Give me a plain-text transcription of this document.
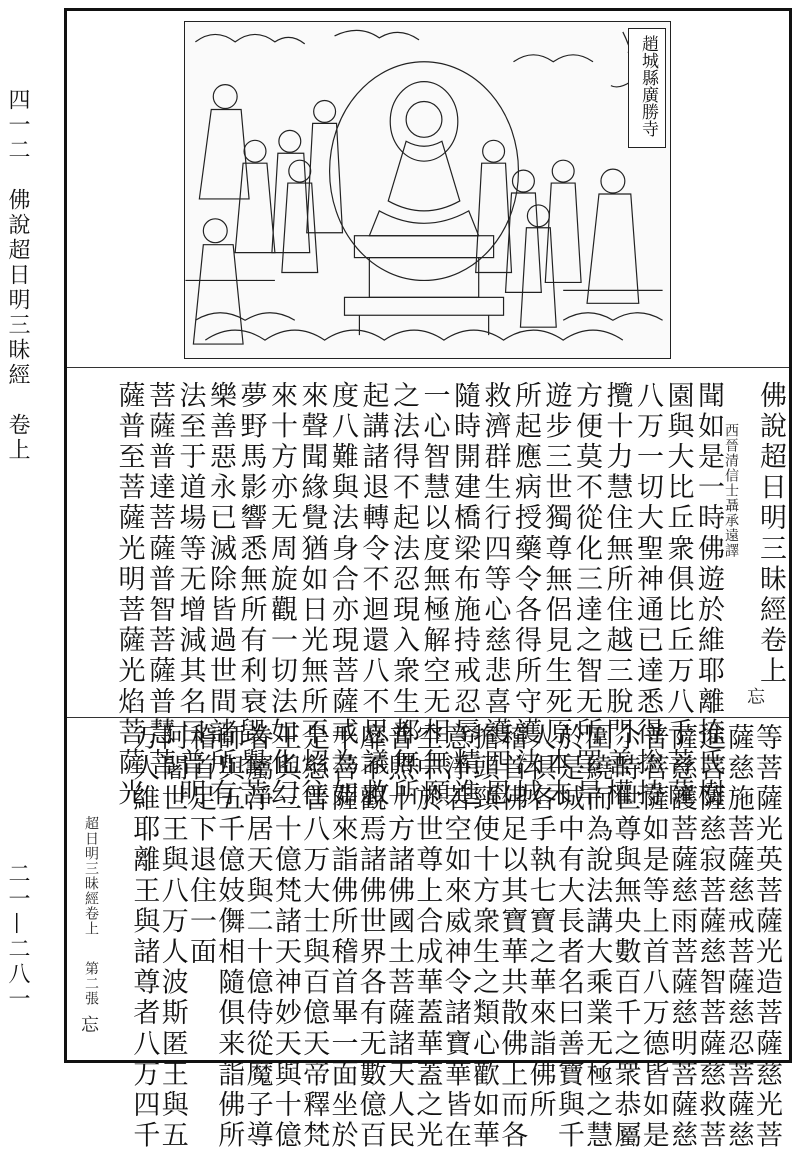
四一二　佛說超日明三昧經　卷上
二一—二八一
趙城縣廣勝寺
佛說超日明三昧經卷上
西晉清信士聶承遠譯
聞如是一時佛遊於維耶離捺氏樹
園與大比丘衆俱比丘万八千菩薩
八万一切大聖神通已達悉得捴持
攬十力慧住無所住越三脫門善權
方便莫不從化三達之智无所罣旱
遊步三世獨尊無侶見生死原本末
所起應病授藥令各得所守護法城
救濟群生行四等心慈悲喜護四恩
隨時開建橋梁布施持戒忍辱精進
一心智慧以度無極解空无相無願
之法得不起法忍現入衆生都無所
起講諸退轉令不迴還八不思議救
度八難與法身合亦現菩薩戒為如
來聲聞緣覺猶如日光無所不炤往
來十方亦无周旋觀一切法如化幻
夢野馬影響悉無所有利衰毀譽苦
樂善惡永已滅除皆過世間諸所有
法至于道場等无增減其名曰普明
菩薩普達菩薩普智菩薩普慧菩
薩普至菩薩光明菩薩光焰菩薩光	忘
等菩薩光英菩薩光造菩薩慈光菩
薩慈施菩薩慈戒菩薩慈忍菩薩慈
進菩薩慈寂菩薩慈智菩薩慈救菩
薩慈護菩薩慈雨菩薩慈明菩薩慈
普菩薩如是等上首八万德皆如是
尒時世尊與無央數百千之衆恭屬
圍繞而為說法講大乘業无極之慧
於是城中有大長者名曰善寶與千
人俱各手執七寶之華來詣佛所
稽首佛足以其寶華共散佛上而各
擔頭頸使十方衆生之類心歡如華
意淨若空如來威神令諸寶華皆在
空中於世尊上合成華蓋華蓋之光
普照十方諸佛國土菩薩諸天人民
靡不觀焉諸佛世界各有无數億百
千菩薩來詣佛所稽首畢一面坐於
是慈普八万大士與百億天帝釋梵
王與三十億梵諸天神妙天與十億
眷屬淨居天與二十億侍從魔子導
師與五千億妓儛相隨俱来詣佛所
稽首足下退住一面
阿闍世王與八万人波斯匿王與五
万人維耶離王與諸尊者八万四千
超日明三昧經卷上
第二張
忘
